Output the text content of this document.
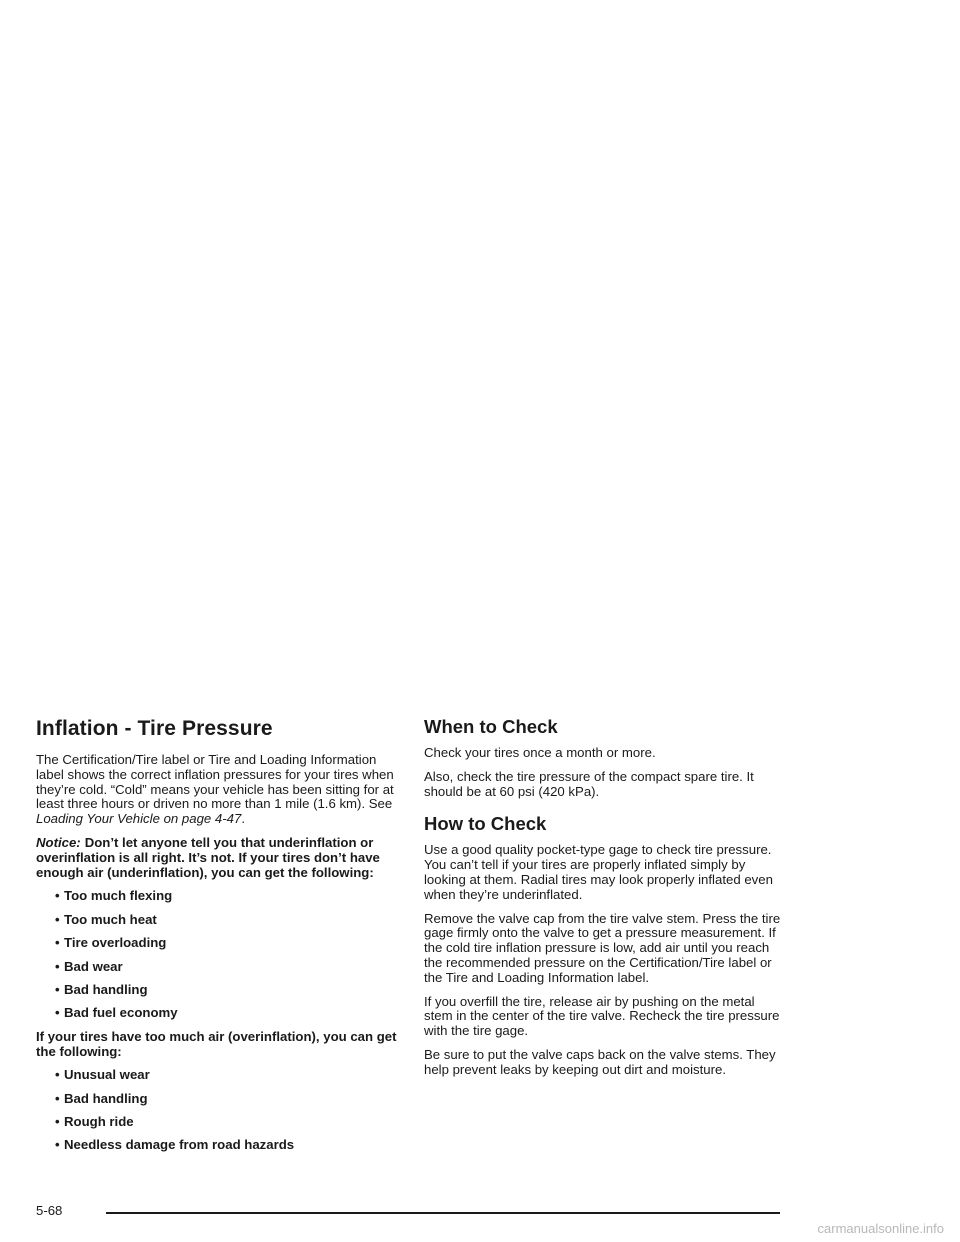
Inflation - Tire Pressure

The Certification/Tire label or Tire and Loading Information label shows the correct inflation pressures for your tires when they’re cold. “Cold” means your vehicle has been sitting for at least three hours or driven no more than 1 mile (1.6 km). See Loading Your Vehicle on page 4-47.

Notice: Don’t let anyone tell you that underinflation or overinflation is all right. It’s not. If your tires don’t have enough air (underinflation), you can get the following:

• Too much flexing
• Too much heat
• Tire overloading
• Bad wear
• Bad handling
• Bad fuel economy

If your tires have too much air (overinflation), you can get the following:

• Unusual wear
• Bad handling
• Rough ride
• Needless damage from road hazards
When to Check

Check your tires once a month or more.

Also, check the tire pressure of the compact spare tire. It should be at 60 psi (420 kPa).

How to Check

Use a good quality pocket-type gage to check tire pressure. You can’t tell if your tires are properly inflated simply by looking at them. Radial tires may look properly inflated even when they’re underinflated.

Remove the valve cap from the tire valve stem. Press the tire gage firmly onto the valve to get a pressure measurement. If the cold tire inflation pressure is low, add air until you reach the recommended pressure on the Certification/Tire label or the Tire and Loading Information label.

If you overfill the tire, release air by pushing on the metal stem in the center of the tire valve. Recheck the tire pressure with the tire gage.

Be sure to put the valve caps back on the valve stems. They help prevent leaks by keeping out dirt and moisture.

5-68
carmanualsonline.info
